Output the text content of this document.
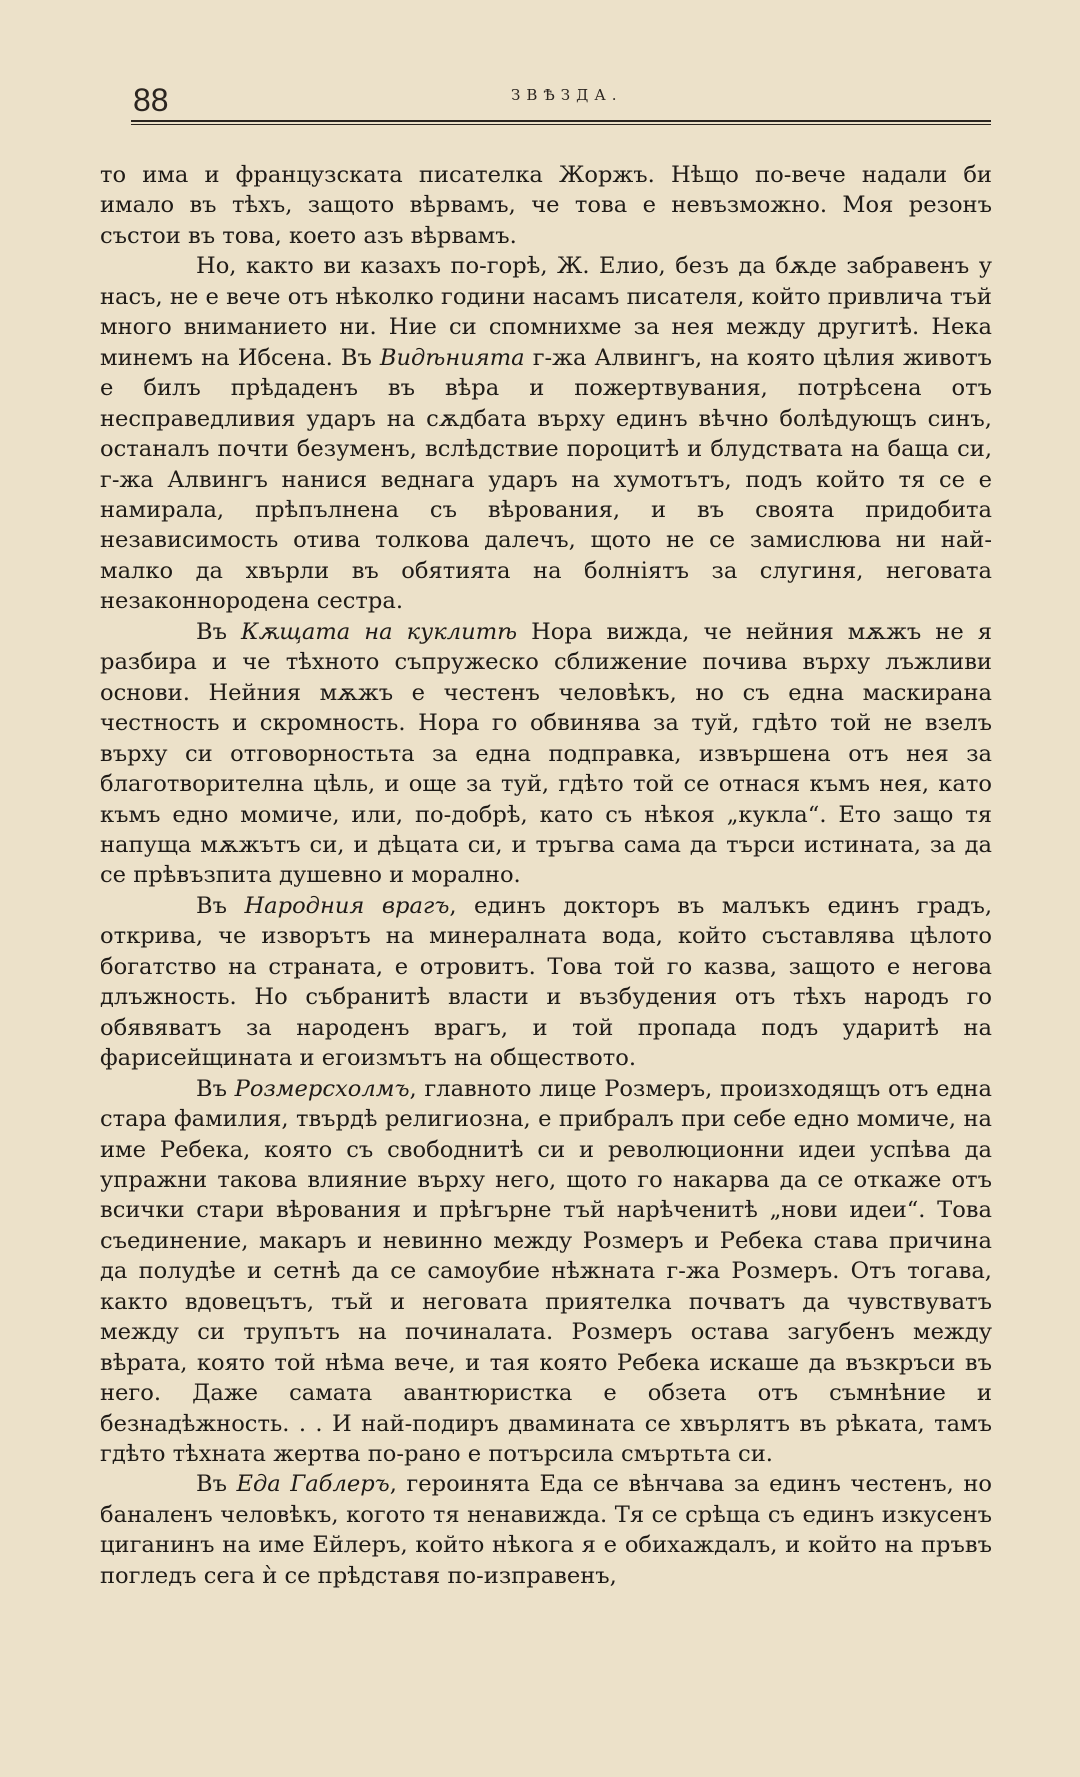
88	ЗВѢЗДА.

то има и французската писателка Жоржъ. Нѣщо по-вече надали би имало въ тѣхъ, защото вѣрвамъ, че това е невъзможно. Моя резонъ състои въ това, което азъ вѣрвамъ.

Но, както ви казахъ по-горѣ, Ж. Елио, безъ да бѫде забравенъ у насъ, не е вече отъ нѣколко години насамъ писателя, който привлича тъй много вниманието ни. Ние си спомнихме за нея между другитѣ. Нека минемъ на Ибсена. Въ Видѣнията г-жа Алвингъ, на която цѣлия животъ е билъ прѣдаденъ въ вѣра и пожертвувания, потрѣсена отъ несправедливия ударъ на сѫдбата върху единъ вѣчно болѣдующъ синъ, останалъ почти безуменъ, вслѣдствие пороцитѣ и блудствата на баща си, г-жа Алвингъ нанися веднага ударъ на хумотътъ, подъ който тя се е намирала, прѣпълнена съ вѣрования, и въ своята придобита независимость отива толкова далечъ, щото не се замислюва ни най-малко да хвърли въ обятията на болнiятъ за слугиня, неговата незаконнородена сестра.

Въ Кѫщата на куклитѣ Нора вижда, че нейния мѫжъ не я разбира и че тѣхното съпружеско сближение почива върху лъжливи основи. Нейния мѫжъ е честенъ человѣкъ, но съ една маскирана честность и скромность. Нора го обвинява за туй, гдѣто той не взелъ върху си отговорностьта за една подправка, извършена отъ нея за благотворителна цѣль, и още за туй, гдѣто той се отнася къмъ нея, като къмъ едно момиче, или, по-добрѣ, като съ нѣкоя „кукла“. Ето защо тя напуща мѫжътъ си, и дѣцата си, и тръгва сама да търси истината, за да се прѣвъзпита душевно и морално.

Въ Народния врагъ, единъ докторъ въ малъкъ единъ градъ, открива, че изворътъ на минералната вода, който съставлява цѣлото богатство на страната, е отровитъ. Това той го казва, защото е негова длъжность. Но събранитѣ власти и възбудения отъ тѣхъ народъ го обявяватъ за народенъ врагъ, и той пропада подъ ударитѣ на фарисейщината и егоизмътъ на обществото.

Въ Розмерсхолмъ, главното лице Розмеръ, произходящъ отъ една стара фамилия, твърдѣ религиозна, е прибралъ при себе едно момиче, на име Ребека, която съ свободнитѣ си и революционни идеи успѣва да упражни такова влияние върху него, щото го накарва да се откаже отъ всички стари вѣрования и прѣгърне тъй нарѣченитѣ „нови идеи“. Това съединение, макаръ и невинно между Розмеръ и Ребека става причина да полудѣе и сетнѣ да се самоубие нѣжната г-жа Розмеръ. Отъ тогава, както вдовецътъ, тъй и неговата приятелка почватъ да чувствуватъ между си трупътъ на починалата. Розмеръ остава загубенъ между вѣрата, която той нѣма вече, и тая която Ребека искаше да възкръси въ него. Даже самата авантюристка е обзета отъ съмнѣние и безнадѣжность. . . И най-подиръ двамината се хвърлятъ въ рѣката, тамъ гдѣто тѣхната жертва по-рано е потърсила смъртьта си.

Въ Еда Габлеръ, героинята Еда се вѣнчава за единъ честенъ, но баналенъ человѣкъ, когото тя ненавижда. Тя се срѣща съ единъ изкусенъ циганинъ на име Ейлеръ, който нѣкога я е обихаждалъ, и който на пръвъ погледъ сега ѝ се прѣдставя по-изправенъ,
